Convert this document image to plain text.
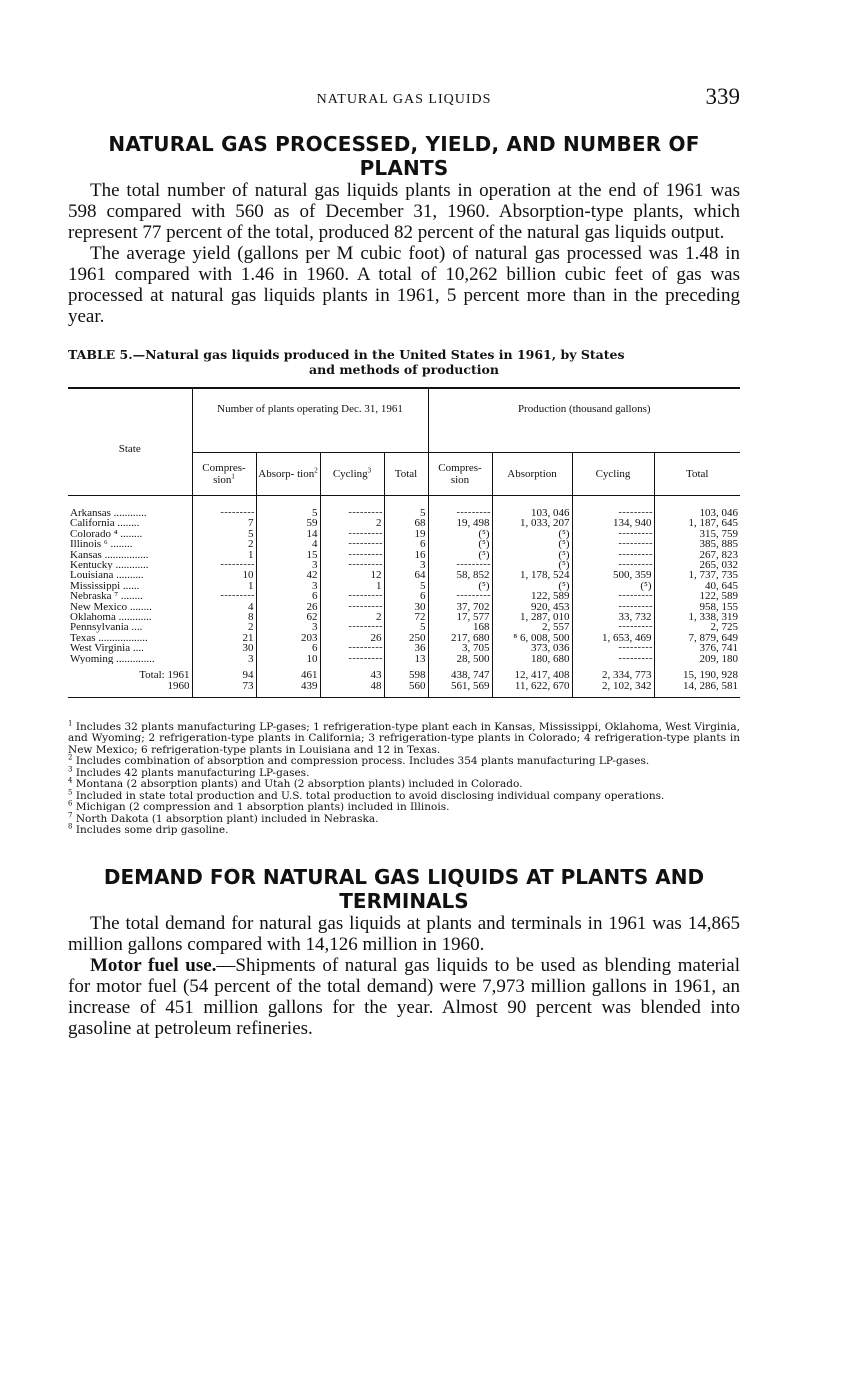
NATURAL GAS LIQUIDS	339
NATURAL GAS PROCESSED, YIELD, AND NUMBER OF
PLANTS

The total number of natural gas liquids plants in operation at the end of 1961 was 598 compared with 560 as of December 31, 1960. Absorption-type plants, which represent 77 percent of the total, produced 82 percent of the natural gas liquids output.

The average yield (gallons per M cubic foot) of natural gas processed was 1.48 in 1961 compared with 1.46 in 1960. A total of 10,262 billion cubic feet of gas was processed at natural gas liquids plants in 1961, 5 percent more than in the preceding year.

TABLE 5.—Natural gas liquids produced in the United States in 1961, by States
and methods of production
State	Number of plants operating Dec. 31, 1961				Production (thousand gallons)			
	Compres- sion$^1$	Absorp- tion$^2$	Cycling$^3$	Total	Compres- sion	Absorption	Cycling	Total

Arkansas ............	- - - - - - - - -	5	- - - - - - - - -	5	- - - - - - - - -	103, 046	- - - - - - - - -	103, 046
California ........	7	59	2	68	19, 498	1, 033, 207	134, 940	1, 187, 645
Colorado ⁴ ........	5	14	- - - - - - - - -	19	(⁵)	(⁵)	- - - - - - - - -	315, 759
Illinois ⁶ ........	2	4	- - - - - - - - -	6	(⁵)	(⁵)	- - - - - - - - -	385, 885
Kansas ................	1	15	- - - - - - - - -	16	(⁵)	(⁵)	- - - - - - - - -	267, 823
Kentucky ............	- - - - - - - - -	3	- - - - - - - - -	3	- - - - - - - - -	(⁵)	- - - - - - - - -	265, 032
Louisiana ..........	10	42	12	64	58, 852	1, 178, 524	500, 359	1, 737, 735
Mississippi ......	1	3	1	5	(⁵)	(⁵)	(⁵)	40, 645
Nebraska ⁷ ........	- - - - - - - - -	6	- - - - - - - - -	6	- - - - - - - - -	122, 589	- - - - - - - - -	122, 589
New Mexico ........	4	26	- - - - - - - - -	30	37, 702	920, 453	- - - - - - - - -	958, 155
Oklahoma ............	8	62	2	72	17, 577	1, 287, 010	33, 732	1, 338, 319
Pennsylvania ....	2	3	- - - - - - - - -	5	168	2, 557	- - - - - - - - -	2, 725
Texas ..................	21	203	26	250	217, 680	⁸ 6, 008, 500	1, 653, 469	7, 879, 649
West Virginia ....	30	6	- - - - - - - - -	36	3, 705	373, 036	- - - - - - - - -	376, 741
Wyoming ..............	3	10	- - - - - - - - -	13	28, 500	180, 680	- - - - - - - - -	209, 180
Total: 1961	94	461	43	598	438, 747	12, 417, 408	2, 334, 773	15, 190, 928
1960	73	439	48	560	561, 569	11, 622, 670	2, 102, 342	14, 286, 581
$^1$ Includes 32 plants manufacturing LP-gases; 1 refrigeration-type plant each in Kansas, Mississippi, Oklahoma, West Virginia, and Wyoming; 2 refrigeration-type plants in California; 3 refrigeration-type plants in Colorado; 4 refrigeration-type plants in New Mexico; 6 refrigeration-type plants in Louisiana and 12 in Texas.
$^2$ Includes combination of absorption and compression process. Includes 354 plants manufacturing LP-gases.
$^3$ Includes 42 plants manufacturing LP-gases.
$^4$ Montana (2 absorption plants) and Utah (2 absorption plants) included in Colorado.
$^5$ Included in state total production and U.S. total production to avoid disclosing individual company operations.
$^6$ Michigan (2 compression and 1 absorption plants) included in Illinois.
$^7$ North Dakota (1 absorption plant) included in Nebraska.
$^8$ Includes some drip gasoline.
DEMAND FOR NATURAL GAS LIQUIDS AT PLANTS AND
TERMINALS

The total demand for natural gas liquids at plants and terminals in 1961 was 14,865 million gallons compared with 14,126 million in 1960.

Motor fuel use.—Shipments of natural gas liquids to be used as blending material for motor fuel (54 percent of the total demand) were 7,973 million gallons in 1961, an increase of 451 million gallons for the year. Almost 90 percent was blended into gasoline at petroleum refineries.
